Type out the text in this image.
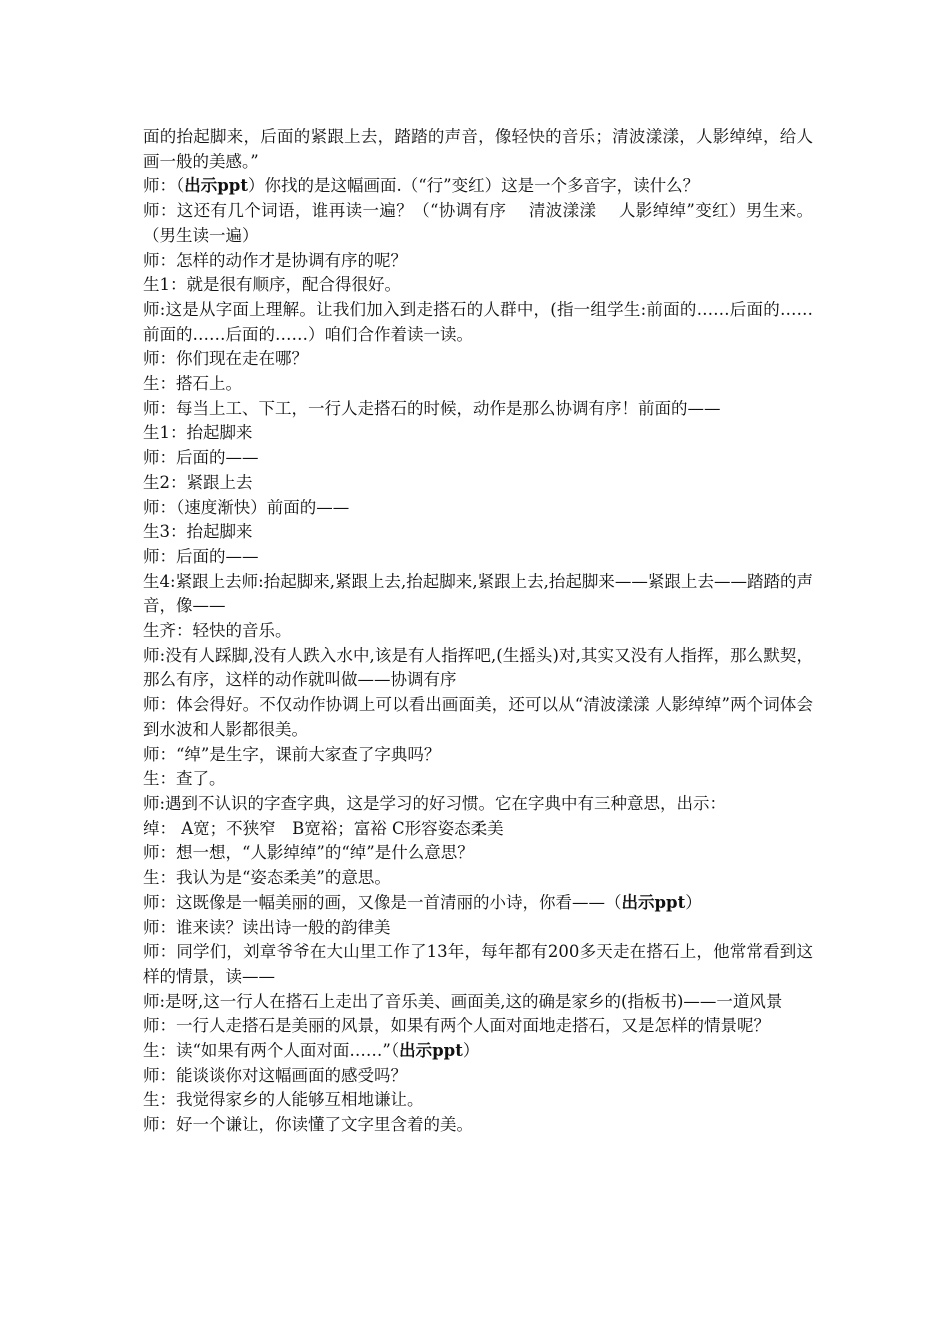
面的抬起脚来，后面的紧跟上去，踏踏的声音，像轻快的音乐；清波漾漾，人影绰绰，给人画一般的美感。”

师：（出示ppt）你找的是这幅画面.（“行”变红）这是一个多音字，读什么？

师：这还有几个词语，谁再读一遍？（“协调有序　 清波漾漾　 人影绰绰”变红）男生来。（男生读一遍）

师：怎样的动作才是协调有序的呢？

生1：就是很有顺序，配合得很好。

师:这是从字面上理解。让我们加入到走搭石的人群中，(指一组学生:前面的……后面的……前面的……后面的……）咱们合作着读一读。

师：你们现在走在哪？

生：搭石上。

师：每当上工、下工，一行人走搭石的时候，动作是那么协调有序！前面的——

生1：抬起脚来

师：后面的——

生2：紧跟上去

师：（速度渐快）前面的——

生3：抬起脚来

师：后面的——

生4:紧跟上去师:抬起脚来,紧跟上去,抬起脚来,紧跟上去,抬起脚来——紧跟上去——踏踏的声音，像——

生齐：轻快的音乐。

师:没有人踩脚,没有人跌入水中,该是有人指挥吧,(生摇头)对,其实又没有人指挥，那么默契，那么有序，这样的动作就叫做——协调有序

师：体会得好。不仅动作协调上可以看出画面美，还可以从“清波漾漾 人影绰绰”两个词体会到水波和人影都很美。

师：“绰”是生字，课前大家查了字典吗？

生：查了。

师:遇到不认识的字查字典，这是学习的好习惯。它在字典中有三种意思，出示：

绰： A宽；不狭窄　B宽裕；富裕 C形容姿态柔美

师：想一想，“人影绰绰”的“绰”是什么意思？

生：我认为是“姿态柔美”的意思。

师：这既像是一幅美丽的画，又像是一首清丽的小诗，你看——（出示ppt）

师：谁来读？读出诗一般的韵律美

师：同学们，刘章爷爷在大山里工作了13年，每年都有200多天走在搭石上，他常常看到这样的情景，读——

师:是呀,这一行人在搭石上走出了音乐美、画面美,这的确是家乡的(指板书)——一道风景

师：一行人走搭石是美丽的风景，如果有两个人面对面地走搭石，又是怎样的情景呢？

生：读“如果有两个人面对面……”（出示ppt）

师：能谈谈你对这幅画面的感受吗？

生：我觉得家乡的人能够互相地谦让。

师：好一个谦让，你读懂了文字里含着的美。
